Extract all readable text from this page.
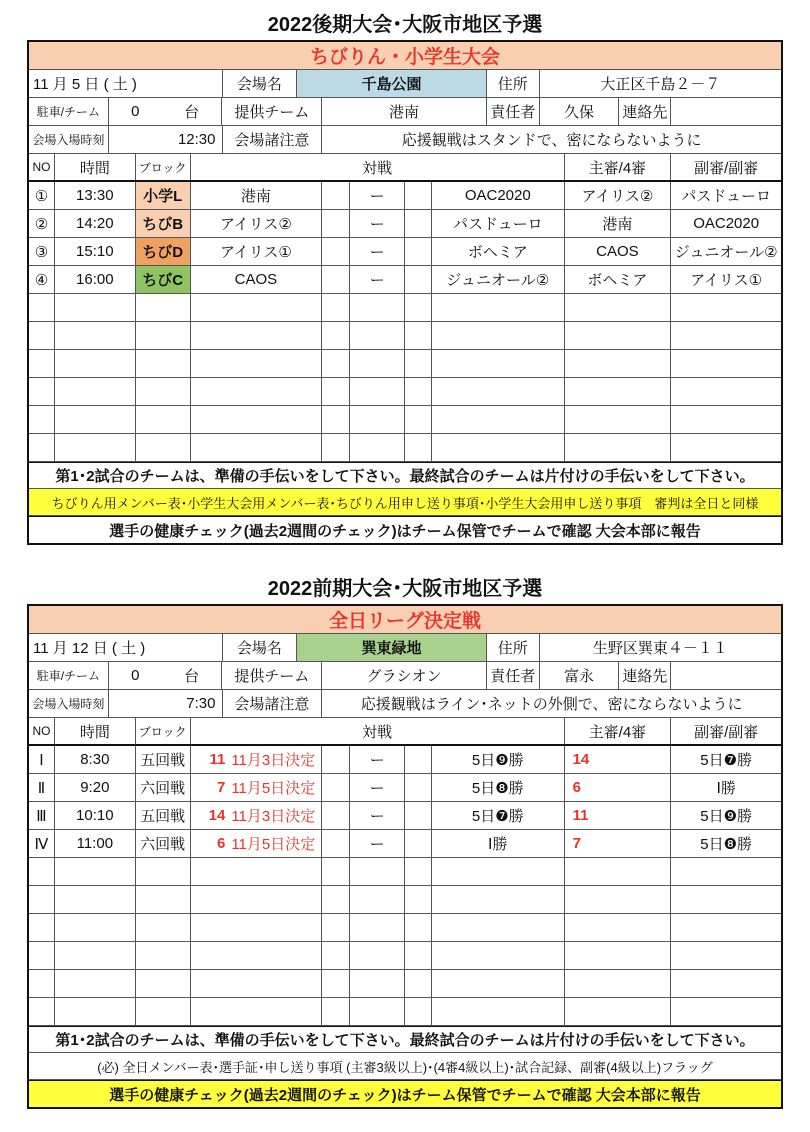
2022後期大会･大阪市地区予選
ちびりん・小学生大会
11 月 5 日 ( 土 )	会場名	千島公園	住所	大正区千島２－７
駐車/チーム	0	台	提供チーム	港南	責任者	久保	連絡先
会場入場時刻	12:30	会場諸注意	応援観戦はスタンドで、密にならないように
NO	時間	ブロック	対戦	主審/4審	副審/副審
①	13:30	小学L	港南	ー	OAC2020	アイリス②	パスドューロ
②	14:20	ちびB	アイリス②	ー	パスドューロ	港南	OAC2020
③	15:10	ちびD	アイリス①	ー	ボヘミア	CAOS	ジュニオール②
④	16:00	ちびC	CAOS	ー	ジュニオール②	ボヘミア	アイリス①
第1･2試合のチームは、準備の手伝いをして下さい。最終試合のチームは片付けの手伝いをして下さい。
ちびりん用メンバー表･小学生大会用メンバー表･ちびりん用申し送り事項･小学生大会用申し送り事項　審判は全日と同様
選手の健康チェック(過去2週間のチェック)はチーム保管でチームで確認 大会本部に報告
2022前期大会･大阪市地区予選
全日リーグ決定戦
11 月 12 日 ( 土 )	会場名	巽東緑地	住所	生野区巽東４－１１
駐車/チーム	0	台	提供チーム	グラシオン	責任者	富永	連絡先
会場入場時刻	7:30	会場諸注意	応援観戦はライン･ネットの外側で、密にならないように
NO	時間	ブロック	対戦	主審/4審	副審/副審
Ⅰ	8:30	五回戦	11 11月3日決定	ー	5日❾勝	14	5日❼勝
Ⅱ	9:20	六回戦	7 11月5日決定	ー	5日❽勝	6	Ⅰ勝
Ⅲ	10:10	五回戦	14 11月3日決定	ー	5日❼勝	11	5日❾勝
Ⅳ	11:00	六回戦	6 11月5日決定	ー	Ⅰ勝	7	5日❽勝
第1･2試合のチームは、準備の手伝いをして下さい。最終試合のチームは片付けの手伝いをして下さい。
(必) 全日メンバー表･選手証･申し送り事項 (主審3級以上)･(4審4級以上)･試合記録、副審(4級以上)フラッグ
選手の健康チェック(過去2週間のチェック)はチーム保管でチームで確認 大会本部に報告
